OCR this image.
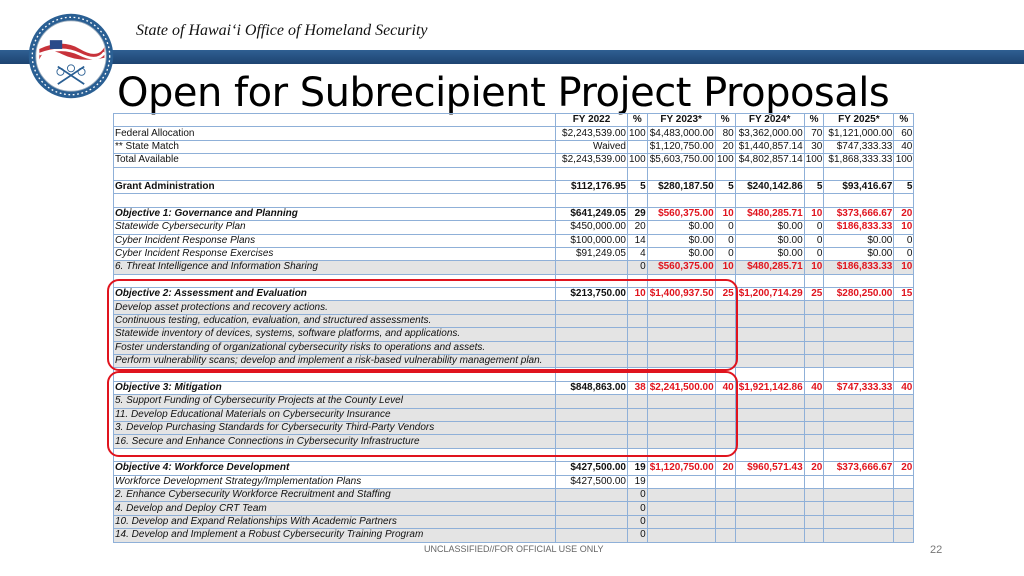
State of Hawai‘i Office of Homeland Security
Open for Subrecipient Project Proposals
	FY 2022	%	FY 2023*	%	FY 2024*	%	FY 2025*	%
Federal Allocation	$2,243,539.00	100	$4,483,000.00	80	$3,362,000.00	70	$1,121,000.00	60
** State Match	Waived		$1,120,750.00	20	$1,440,857.14	30	$747,333.33	40
Total Available	$2,243,539.00	100	$5,603,750.00	100	$4,802,857.14	100	$1,868,333.33	100

Grant Administration	$112,176.95	5	$280,187.50	5	$240,142.86	5	$93,416.67	5

Objective 1: Governance and Planning	$641,249.05	29	$560,375.00	10	$480,285.71	10	$373,666.67	20
Statewide Cybersecurity Plan	$450,000.00	20	$0.00	0	$0.00	0	$186,833.33	10
Cyber Incident Response Plans	$100,000.00	14	$0.00	0	$0.00	0	$0.00	0
Cyber Incident Response Exercises	$91,249.05	4	$0.00	0	$0.00	0	$0.00	0
6. Threat Intelligence and Information Sharing		0	$560,375.00	10	$480,285.71	10	$186,833.33	10

Objective 2: Assessment and Evaluation	$213,750.00	10	$1,400,937.50	25	$1,200,714.29	25	$280,250.00	15
Develop asset protections and recovery actions.								
Continuous testing, education, evaluation, and structured assessments.								
Statewide inventory of devices, systems, software platforms, and applications.								
Foster understanding of organizational cybersecurity risks to operations and assets.								
Perform vulnerability scans; develop and implement a risk-based vulnerability management plan.								

Objective 3: Mitigation	$848,863.00	38	$2,241,500.00	40	$1,921,142.86	40	$747,333.33	40
5. Support Funding of Cybersecurity Projects at the County Level								
11. Develop Educational Materials on Cybersecurity Insurance								
3. Develop Purchasing Standards for Cybersecurity Third-Party Vendors								
16. Secure and Enhance Connections in Cybersecurity Infrastructure								

Objective 4: Workforce Development	$427,500.00	19	$1,120,750.00	20	$960,571.43	20	$373,666.67	20
Workforce Development Strategy/Implementation Plans	$427,500.00	19						
2. Enhance Cybersecurity Workforce Recruitment and Staffing		0						
4. Develop and Deploy CRT Team		0						
10. Develop and Expand Relationships With Academic Partners		0						
14. Develop and Implement a Robust Cybersecurity Training Program		0						
UNCLASSIFIED//FOR OFFICIAL USE ONLY	22
